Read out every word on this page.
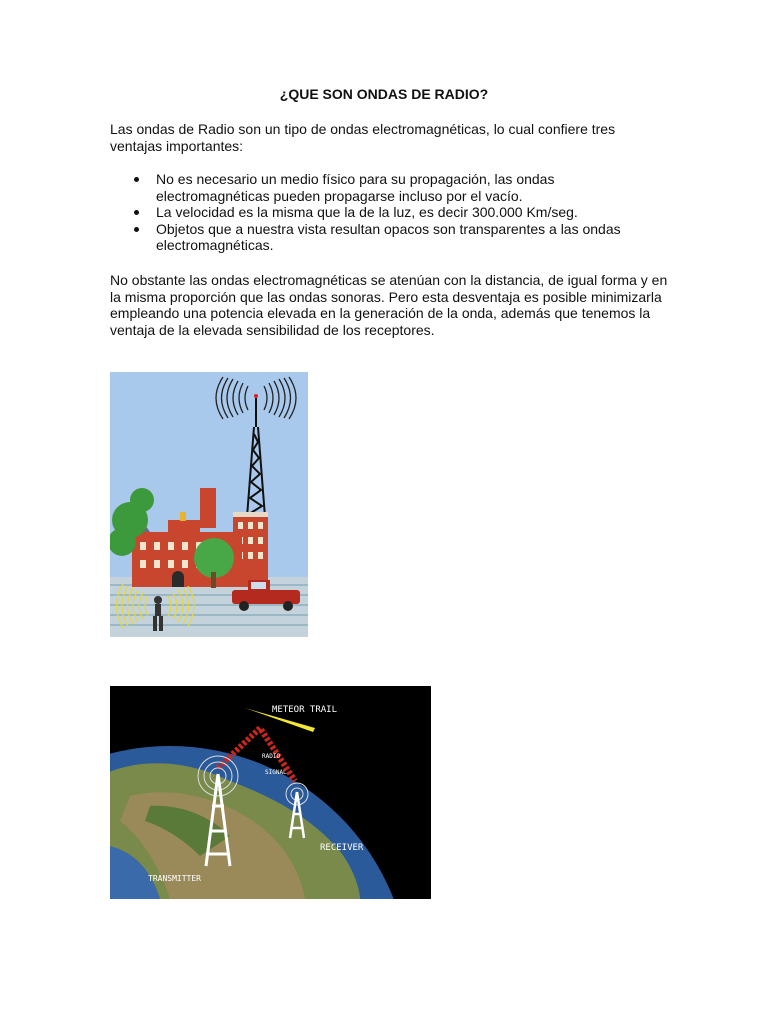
¿QUE SON ONDAS DE RADIO?

Las ondas de Radio son un tipo de ondas electromagnéticas, lo cual confiere tres ventajas importantes:

No es necesario un medio físico para su propagación, las ondas electromagnéticas pueden propagarse incluso por el vacío.
La velocidad es la misma que la de la luz, es decir 300.000 Km/seg.
Objetos que a nuestra vista resultan opacos son transparentes a las ondas electromagnéticas.

No obstante las ondas electromagnéticas se atenúan con la distancia, de igual forma y en la misma proporción que las ondas sonoras. Pero esta desventaja es posible minimizarla empleando una potencia elevada en la generación de la onda, además que tenemos la ventaja de la elevada sensibilidad de los receptores.

METEOR TRAIL
RADIO
SIGNAL
RECEIVER
TRANSMITTER
